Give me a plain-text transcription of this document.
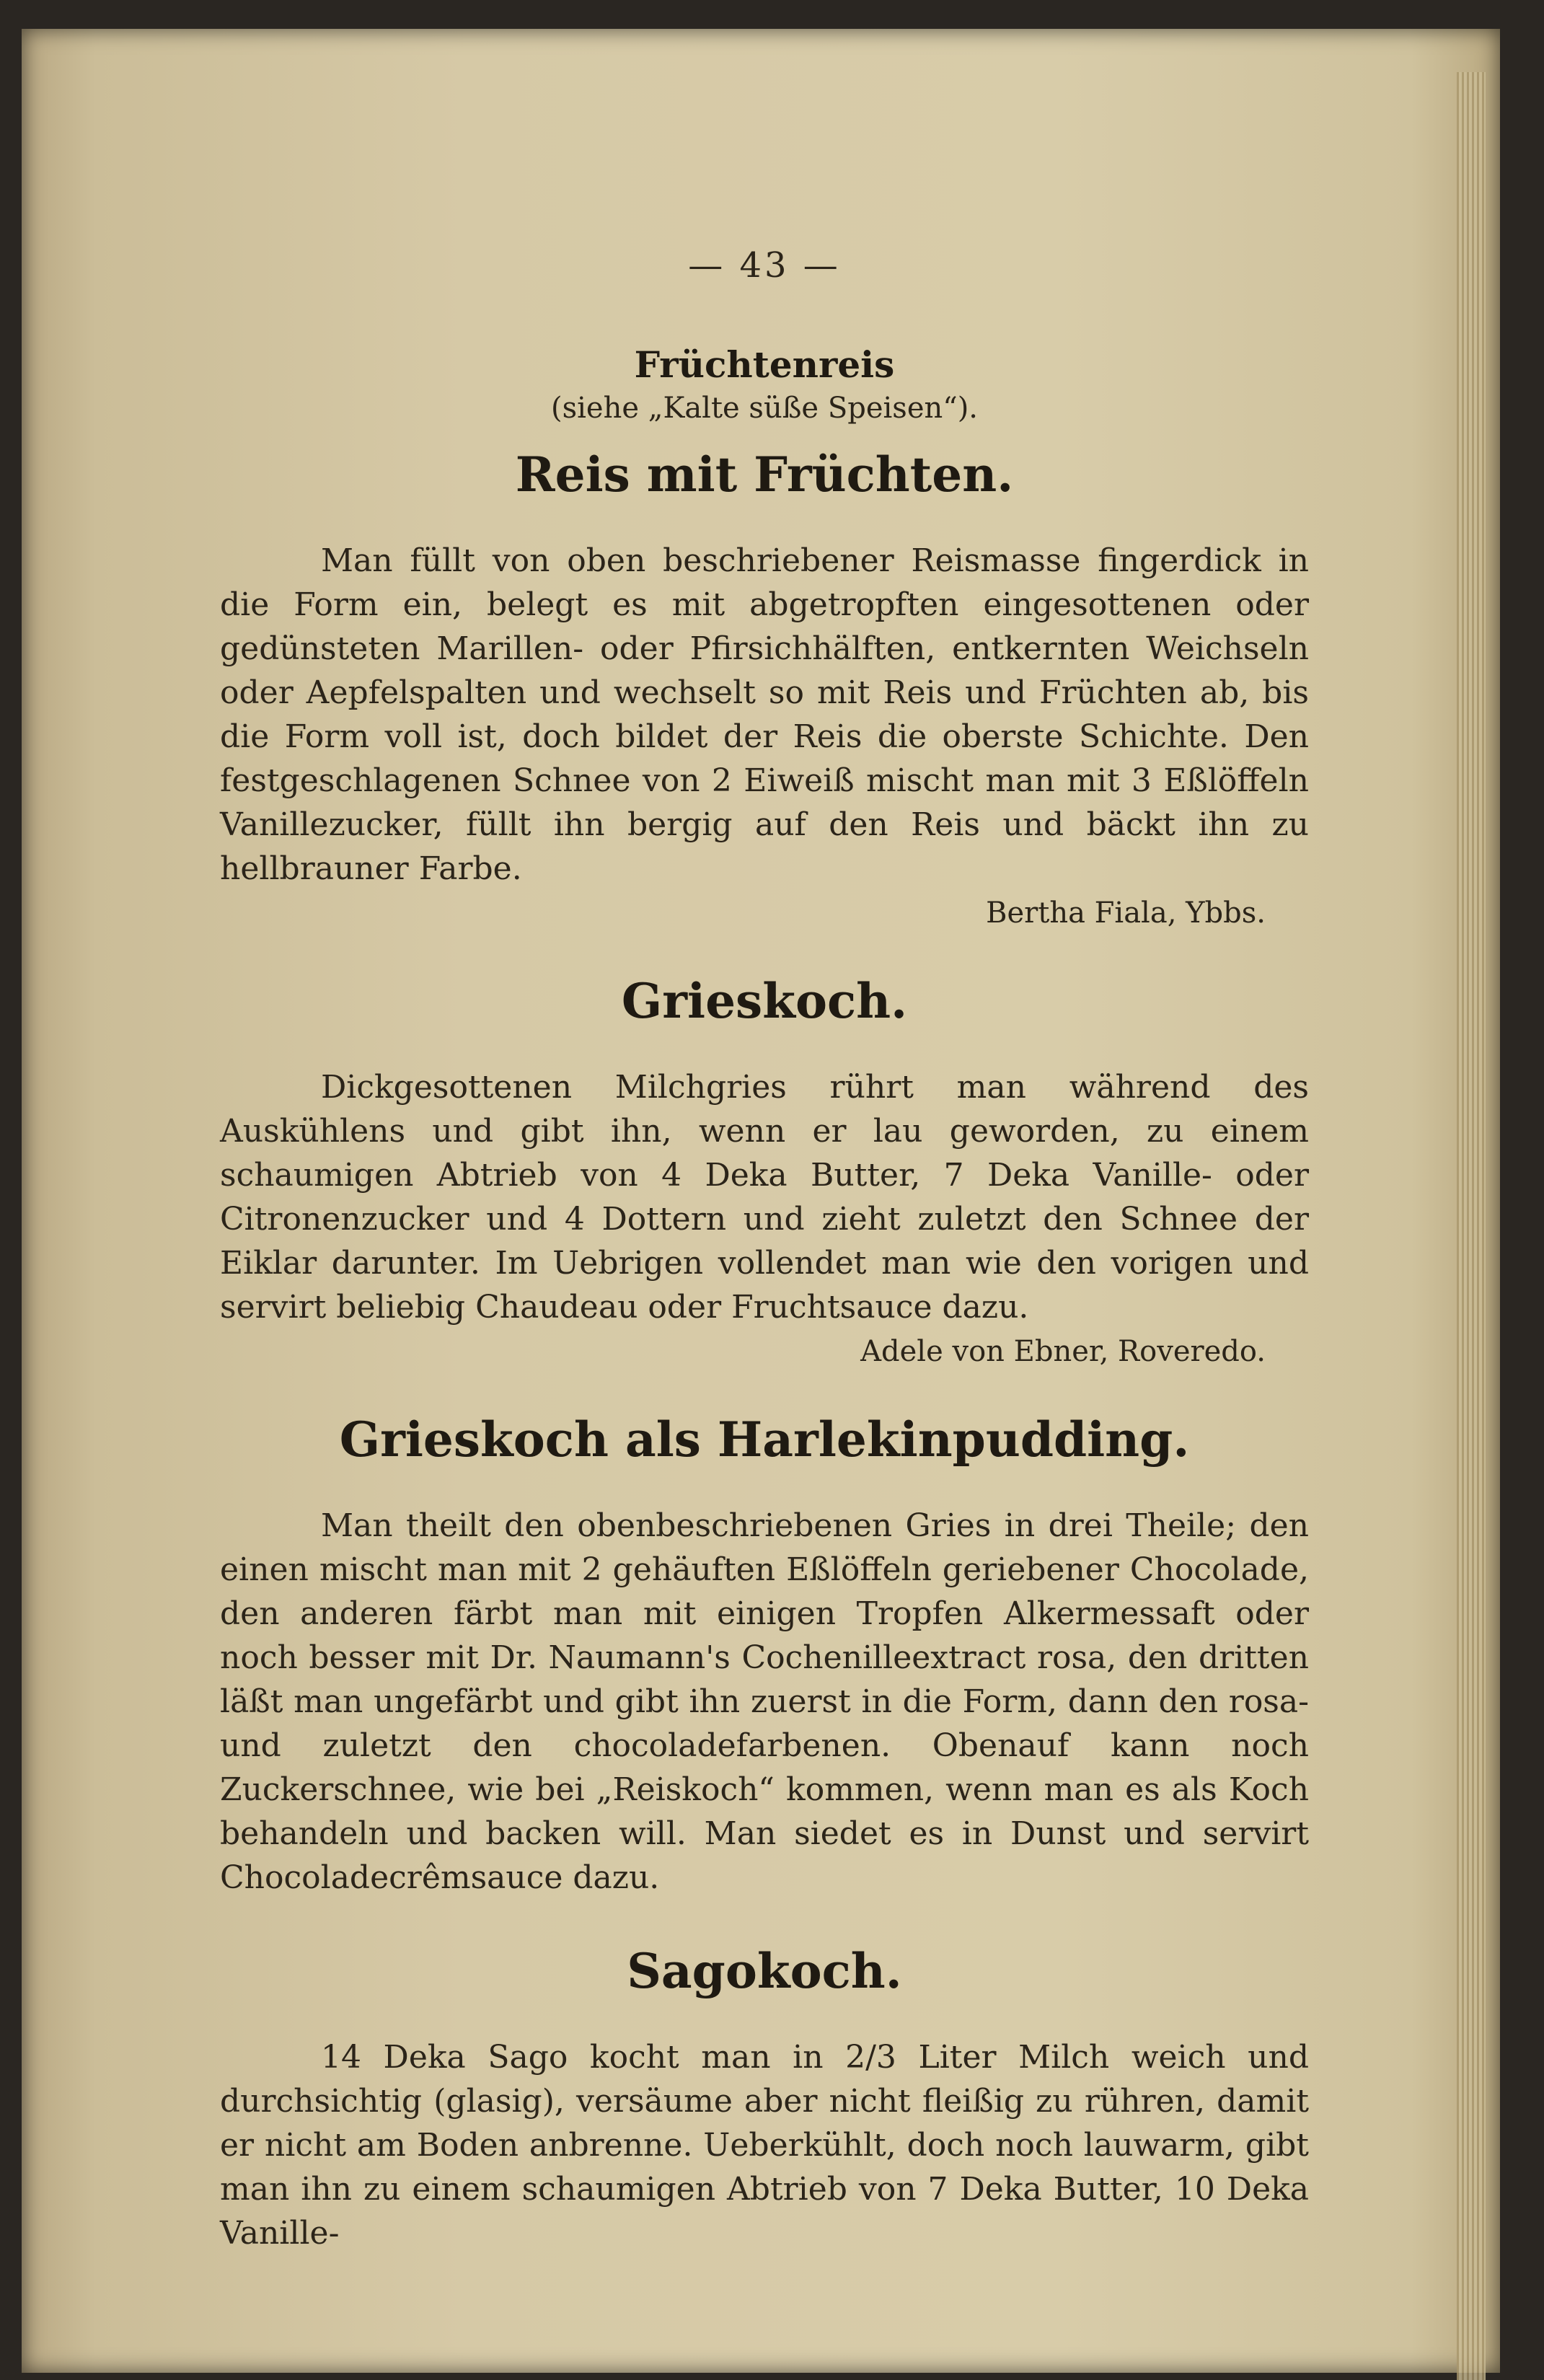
— 43 —
Früchtenreis
(siehe „Kalte süße Speisen“).
Reis mit Früchten.

Man füllt von oben beschriebener Reismasse fingerdick in die Form ein, belegt es mit abgetropften eingesottenen oder gedünsteten Marillen- oder Pfirsichhälften, entkernten Weichseln oder Aepfelspalten und wechselt so mit Reis und Früchten ab, bis die Form voll ist, doch bildet der Reis die oberste Schichte. Den festgeschlagenen Schnee von 2 Eiweiß mischt man mit 3 Eßlöffeln Vanillezucker, füllt ihn bergig auf den Reis und bäckt ihn zu hellbrauner Farbe.

Bertha Fiala, Ybbs.
Grieskoch.

Dickgesottenen Milchgries rührt man während des Auskühlens und gibt ihn, wenn er lau geworden, zu einem schaumigen Abtrieb von 4 Deka Butter, 7 Deka Vanille- oder Citronenzucker und 4 Dottern und zieht zuletzt den Schnee der Eiklar darunter. Im Uebrigen vollendet man wie den vorigen und servirt beliebig Chaudeau oder Fruchtsauce dazu.

Adele von Ebner, Roveredo.
Grieskoch als Harlekinpudding.

Man theilt den obenbeschriebenen Gries in drei Theile; den einen mischt man mit 2 gehäuften Eßlöffeln geriebener Chocolade, den anderen färbt man mit einigen Tropfen Alkermessaft oder noch besser mit Dr. Naumann's Cochenilleextract rosa, den dritten läßt man ungefärbt und gibt ihn zuerst in die Form, dann den rosa- und zuletzt den chocoladefarbenen. Obenauf kann noch Zuckerschnee, wie bei „Reiskoch“ kommen, wenn man es als Koch behandeln und backen will. Man siedet es in Dunst und servirt Chocoladecrêmsauce dazu.

Sagokoch.

14 Deka Sago kocht man in 2/3 Liter Milch weich und durchsichtig (glasig), versäume aber nicht fleißig zu rühren, damit er nicht am Boden anbrenne. Ueberkühlt, doch noch lauwarm, gibt man ihn zu einem schaumigen Abtrieb von 7 Deka Butter, 10 Deka Vanille-
